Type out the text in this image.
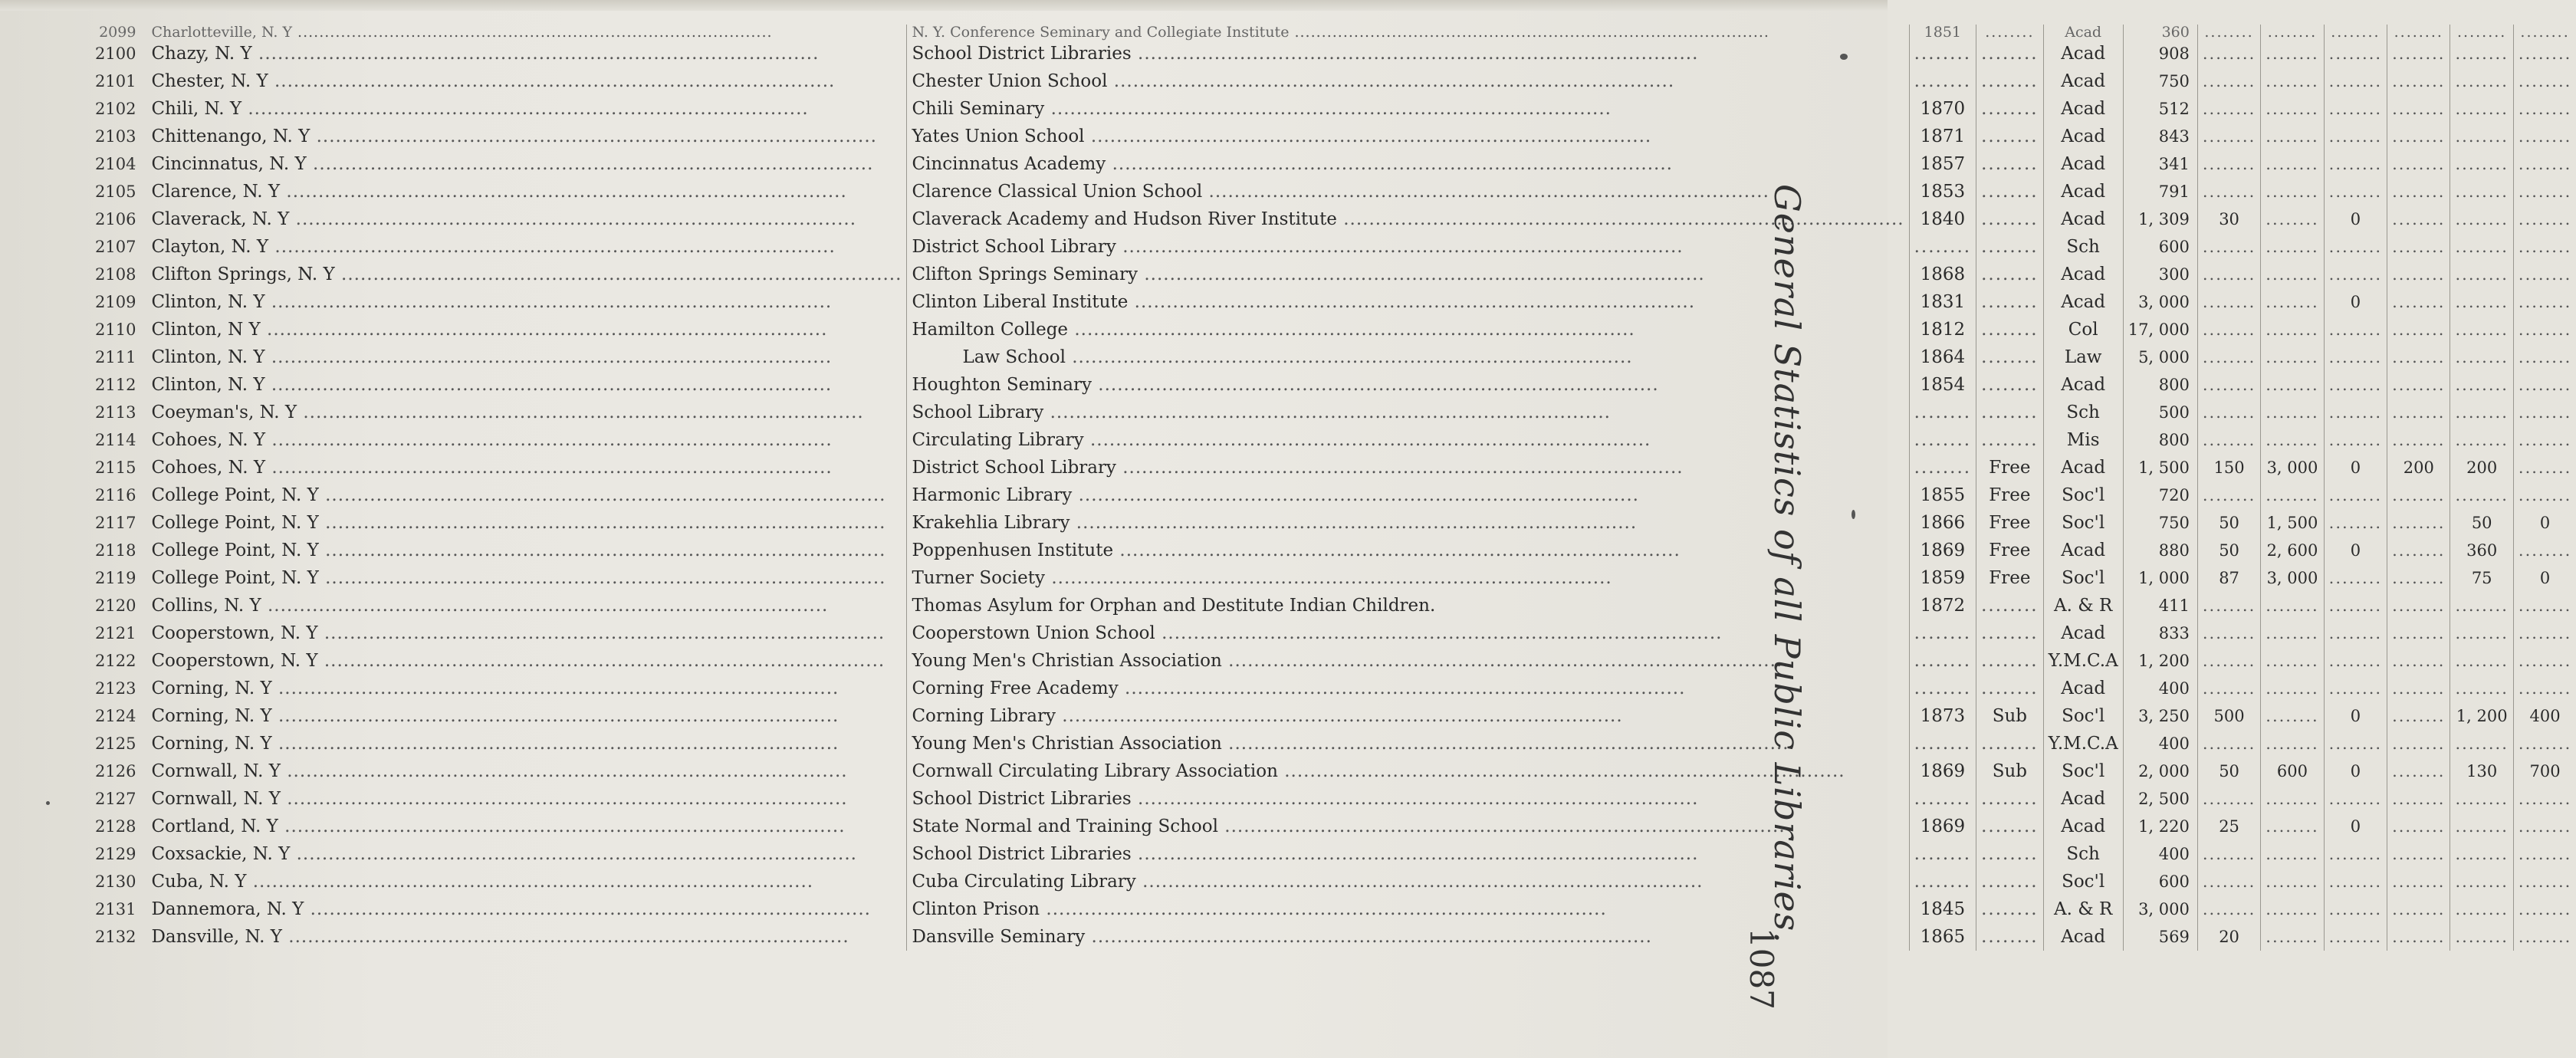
2099	Charlotteville, N. Y .....	N. Y. Conference Seminary and Collegiate Institute .....	1851	........	Acad	360	........	........	........	........	........	........
2100	Chazy, N. Y .....	School District Libraries .....	........	........	Acad	908	........	........	........	........	........	........
2101	Chester, N. Y .....	Chester Union School .....	........	........	Acad	750	........	........	........	........	........	........
2102	Chili, N. Y .....	Chili Seminary .....	1870	........	Acad	512	........	........	........	........	........	........
2103	Chittenango, N. Y .....	Yates Union School .....	1871	........	Acad	843	........	........	........	........	........	........
2104	Cincinnatus, N. Y .....	Cincinnatus Academy .....	1857	........	Acad	341	........	........	........	........	........	........
2105	Clarence, N. Y .....	Clarence Classical Union School .....	1853	........	Acad	791	........	........	........	........	........	........
2106	Claverack, N. Y .....	Claverack Academy and Hudson River Institute .....	1840	........	Acad	1, 309	30	........	0	........	........	........
2107	Clayton, N. Y .....	District School Library .....	........	........	Sch	600	........	........	........	........	........	........
2108	Clifton Springs, N. Y .....	Clifton Springs Seminary .....	1868	........	Acad	300	........	........	........	........	........	........
2109	Clinton, N. Y .....	Clinton Liberal Institute .....	1831	........	Acad	3, 000	........	........	0	........	........	........
2110	Clinton, N Y .....	Hamilton College .....	1812	........	Col	17, 000	........	........	........	........	........	........
2111	Clinton, N. Y .....	Law School .....	1864	........	Law	5, 000	........	........	........	........	........	........
2112	Clinton, N. Y .....	Houghton Seminary .....	1854	........	Acad	800	........	........	........	........	........	........
2113	Coeyman's, N. Y .....	School Library .....	........	........	Sch	500	........	........	........	........	........	........
2114	Cohoes, N. Y .....	Circulating Library .....	........	........	Mis	800	........	........	........	........	........	........
2115	Cohoes, N. Y .....	District School Library .....	........	Free	Acad	1, 500	150	3, 000	0	200	200	........
2116	College Point, N. Y .....	Harmonic Library .....	1855	Free	Soc'l	720	........	........	........	........	........	........
2117	College Point, N. Y .....	Krakehlia Library .....	1866	Free	Soc'l	750	50	1, 500	........	........	50	0
2118	College Point, N. Y .....	Poppenhusen Institute .....	1869	Free	Acad	880	50	2, 600	0	........	360	........
2119	College Point, N. Y .....	Turner Society .....	1859	Free	Soc'l	1, 000	87	3, 000	........	........	75	0
2120	Collins, N. Y .....	Thomas Asylum for Orphan and Destitute Indian Children.	1872	........	A. & R	411	........	........	........	........	........	........
2121	Cooperstown, N. Y .....	Cooperstown Union School .....	........	........	Acad	833	........	........	........	........	........	........
2122	Cooperstown, N. Y .....	Young Men's Christian Association .....	........	........	Y.M.C.A	1, 200	........	........	........	........	........	........
2123	Corning, N. Y .....	Corning Free Academy .....	........	........	Acad	400	........	........	........	........	........	........
2124	Corning, N. Y .....	Corning Library .....	1873	Sub	Soc'l	3, 250	500	........	0	........	1, 200	400
2125	Corning, N. Y .....	Young Men's Christian Association .....	........	........	Y.M.C.A	400	........	........	........	........	........	........
2126	Cornwall, N. Y .....	Cornwall Circulating Library Association .....	1869	Sub	Soc'l	2, 000	50	600	0	........	130	700
2127	Cornwall, N. Y .....	School District Libraries .....	........	........	Acad	2, 500	........	........	........	........	........	........
2128	Cortland, N. Y .....	State Normal and Training School .....	1869	........	Acad	1, 220	25	........	0	........	........	........
2129	Coxsackie, N. Y .....	School District Libraries .....	........	........	Sch	400	........	........	........	........	........	........
2130	Cuba, N. Y .....	Cuba Circulating Library .....	........	........	Soc'l	600	........	........	........	........	........	........
2131	Dannemora, N. Y .....	Clinton Prison .....	1845	........	A. & R	3, 000	........	........	........	........	........	........
2132	Dansville, N. Y .....	Dansville Seminary .....	1865	........	Acad	569	20	........	........	........	........	........
General Statistics of all Public Libraries.
1087
